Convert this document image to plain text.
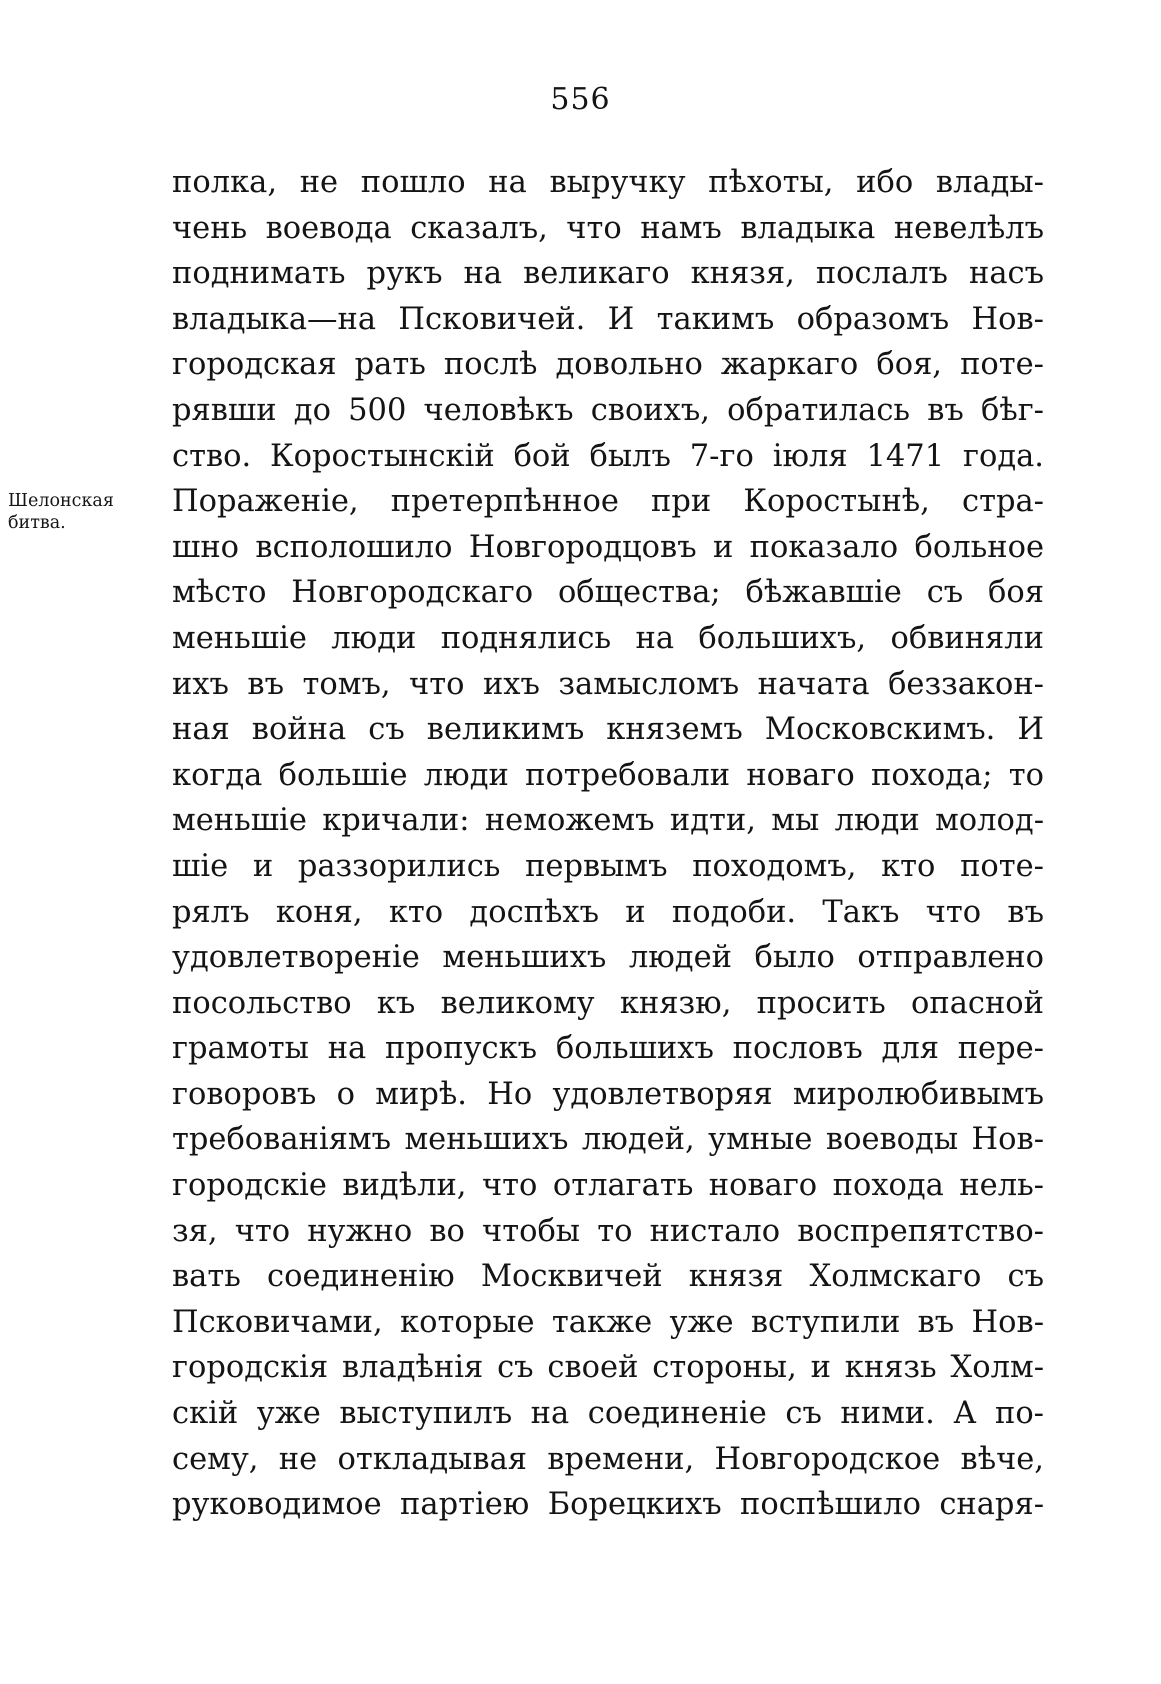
556
Шелонская
битва.
полка, не пошло на выручку пѣхоты, ибо влады-
чень воевода сказалъ, что намъ владыка невелѣлъ
поднимать рукъ на великаго князя, послалъ насъ
владыка—на Псковичей. И такимъ образомъ Нов-
городская рать послѣ довольно жаркаго боя, поте-
рявши до 500 человѣкъ своихъ, обратилась въ бѣг-
ство. Коростынскій бой былъ 7-го іюля 1471 года.
Пораженіе, претерпѣнное при Коростынѣ, стра-
шно всполошило Новгородцовъ и показало больное
мѣсто Новгородскаго общества; бѣжавшіе съ боя
меньшіе люди поднялись на большихъ, обвиняли
ихъ въ томъ, что ихъ замысломъ начата беззакон-
ная война съ великимъ княземъ Московскимъ. И
когда большіе люди потребовали новаго похода; то
меньшіе кричали: неможемъ идти, мы люди молод-
шіе и раззорились первымъ походомъ, кто поте-
рялъ коня, кто доспѣхъ и подоби. Такъ что въ
удовлетвореніе меньшихъ людей было отправлено
посольство къ великому князю, просить опасной
грамоты на пропускъ большихъ пословъ для пере-
говоровъ о мирѣ. Но удовлетворяя миролюбивымъ
требованіямъ меньшихъ людей, умные воеводы Нов-
городскіе видѣли, что отлагать новаго похода нель-
зя, что нужно во чтобы то нистало воспрепятство-
вать соединенію Москвичей князя Холмскаго съ
Псковичами, которые также уже вступили въ Нов-
городскія владѣнія съ своей стороны, и князь Холм-
скій уже выступилъ на соединеніе съ ними. А по-
сему, не откладывая времени, Новгородское вѣче,
руководимое партіею Борецкихъ поспѣшило снаря-
